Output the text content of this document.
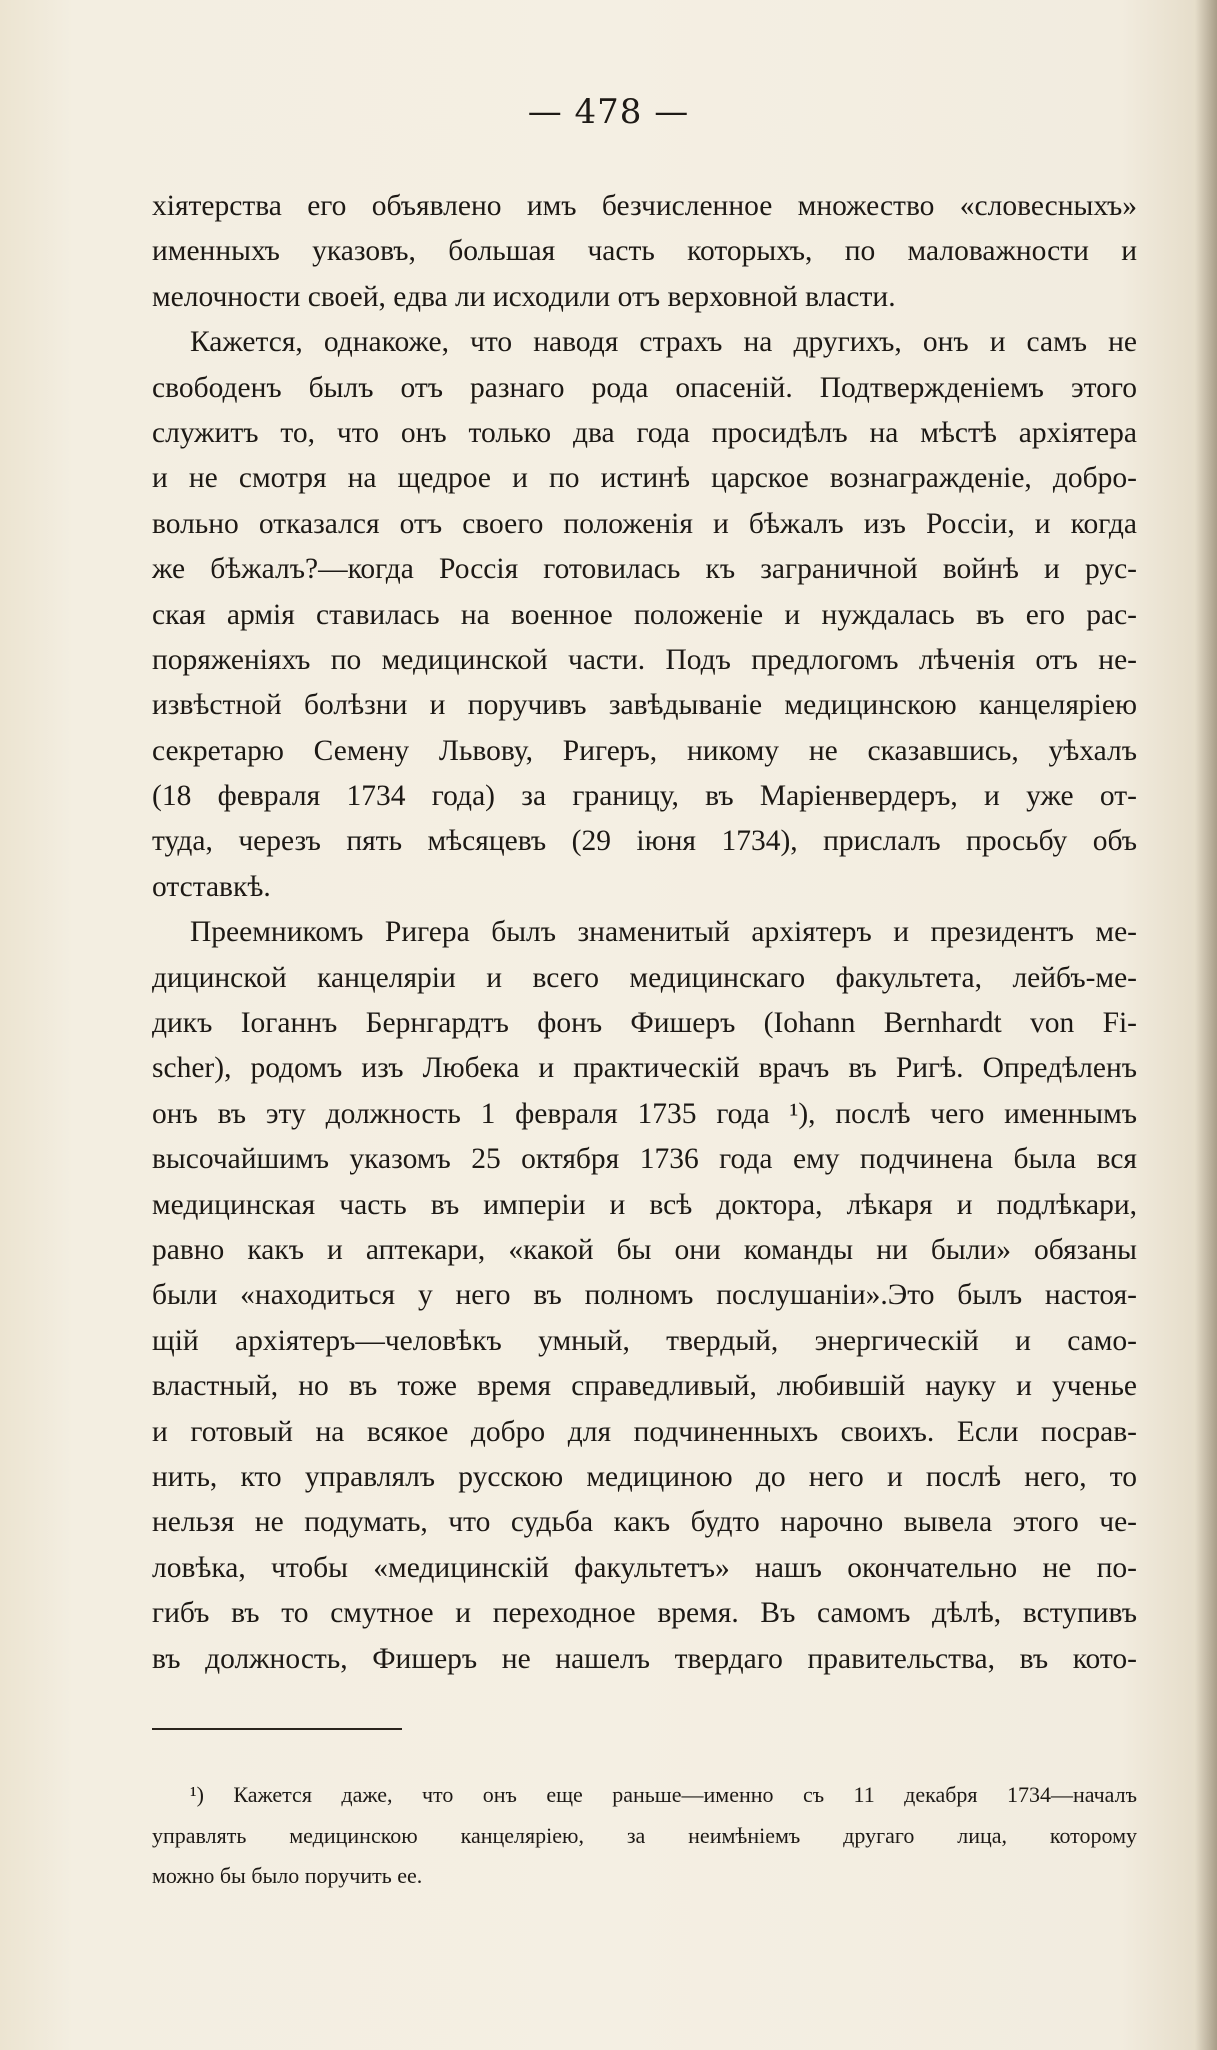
— 478 —
хіятерства его объявлено имъ безчисленное множество «словесныхъ»
именныхъ указовъ, большая часть которыхъ, по маловажности и
мелочности своей, едва ли исходили отъ верховной власти.
Кажется, однакоже, что наводя страхъ на другихъ, онъ и самъ не
свободенъ былъ отъ разнаго рода опасеній. Подтвержденіемъ этого
служитъ то, что онъ только два года просидѣлъ на мѣстѣ архіятера
и не смотря на щедрое и по истинѣ царское вознагражденіе, добро-
вольно отказался отъ своего положенія и бѣжалъ изъ Россіи, и когда
же бѣжалъ?—когда Россія готовилась къ заграничной войнѣ и рус-
ская армія ставилась на военное положеніе и нуждалась въ его рас-
поряженіяхъ по медицинской части. Подъ предлогомъ лѣченія отъ не-
извѣстной болѣзни и поручивъ завѣдываніе медицинскою канцеляріею
секретарю Семену Львову, Ригеръ, никому не сказавшись, уѣхалъ
(18 февраля 1734 года) за границу, въ Маріенвердеръ, и уже от-
туда, черезъ пять мѣсяцевъ (29 іюня 1734), прислалъ просьбу объ
отставкѣ.
Преемникомъ Ригера былъ знаменитый архіятеръ и президентъ ме-
дицинской канцеляріи и всего медицинскаго факультета, лейбъ-ме-
дикъ Іоганнъ Бернгардтъ фонъ Фишеръ (Iohann Bernhardt von Fi-
scher), родомъ изъ Любека и практическій врачъ въ Ригѣ. Опредѣленъ
онъ въ эту должность 1 февраля 1735 года ¹), послѣ чего именнымъ
высочайшимъ указомъ 25 октября 1736 года ему подчинена была вся
медицинская часть въ имперіи и всѣ доктора, лѣкаря и подлѣкари,
равно какъ и аптекари, «какой бы они команды ни были» обязаны
были «находиться у него въ полномъ послушаніи».Это былъ настоя-
щій архіятеръ—человѣкъ умный, твердый, энергическій и само-
властный, но въ тоже время справедливый, любившій науку и ученье
и готовый на всякое добро для подчиненныхъ своихъ. Если посрав-
нить, кто управлялъ русскою медициною до него и послѣ него, то
нельзя не подумать, что судьба какъ будто нарочно вывела этого че-
ловѣка, чтобы «медицинскій факультетъ» нашъ окончательно не по-
гибъ въ то смутное и переходное время. Въ самомъ дѣлѣ, вступивъ
въ должность, Фишеръ не нашелъ твердаго правительства, въ кото-
¹) Кажется даже, что онъ еще раньше—именно съ 11 декабря 1734—началъ
управлять медицинскою канцеляріею, за неимѣніемъ другаго лица, которому
можно бы было поручить ее.
